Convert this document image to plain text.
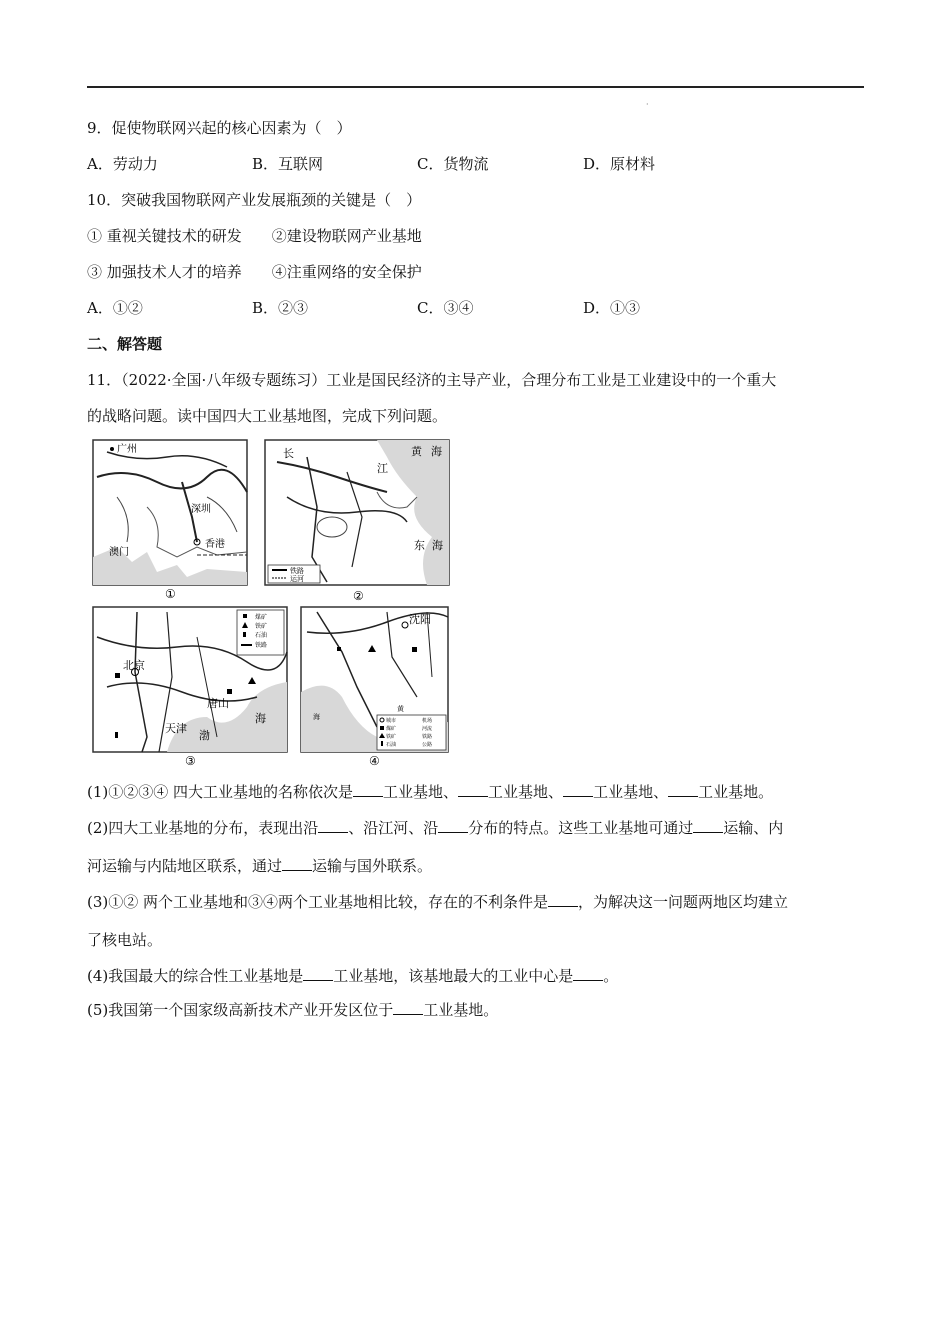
·
9．促使物联网兴起的核心因素为（　）
A．劳动力	B．互联网	C．货物流	D．原材料
10．突破我国物联网产业发展瓶颈的关键是（　）
① 重视关键技术的研发　　②建设物联网产业基地
③ 加强技术人才的培养　　④注重网络的安全保护
A．①②	B．②③	C．③④	D．①③
二、解答题
11．（2022·全国·八年级专题练习）工业是国民经济的主导产业，合理分布工业是工业建设中的一个重大
的战略问题。读中国四大工业基地图，完成下列问题。
广州
深圳
澳门
香港
①
铁路
运河
长
江
黄 海
东 海
②
煤矿
铁矿
石油
铁路
北京
天津
唐山
渤
海
③
城市
煤矿
铁矿
石油
机场
河流
铁路
公路
沈阳
海
黄
④
(1)①②③④ 四大工业基地的名称依次是 工业基地、 工业基地、 工业基地、 工业基地。
(2)四大工业基地的分布，表现出沿 、沿江河、沿 分布的特点。这些工业基地可通过 运输、内
河运输与内陆地区联系，通过 运输与国外联系。
(3)①② 两个工业基地和③④两个工业基地相比较，存在的不利条件是 ，为解决这一问题两地区均建立
了核电站。
(4)我国最大的综合性工业基地是 工业基地，该基地最大的工业中心是 。
(5)我国第一个国家级高新技术产业开发区位于 工业基地。
